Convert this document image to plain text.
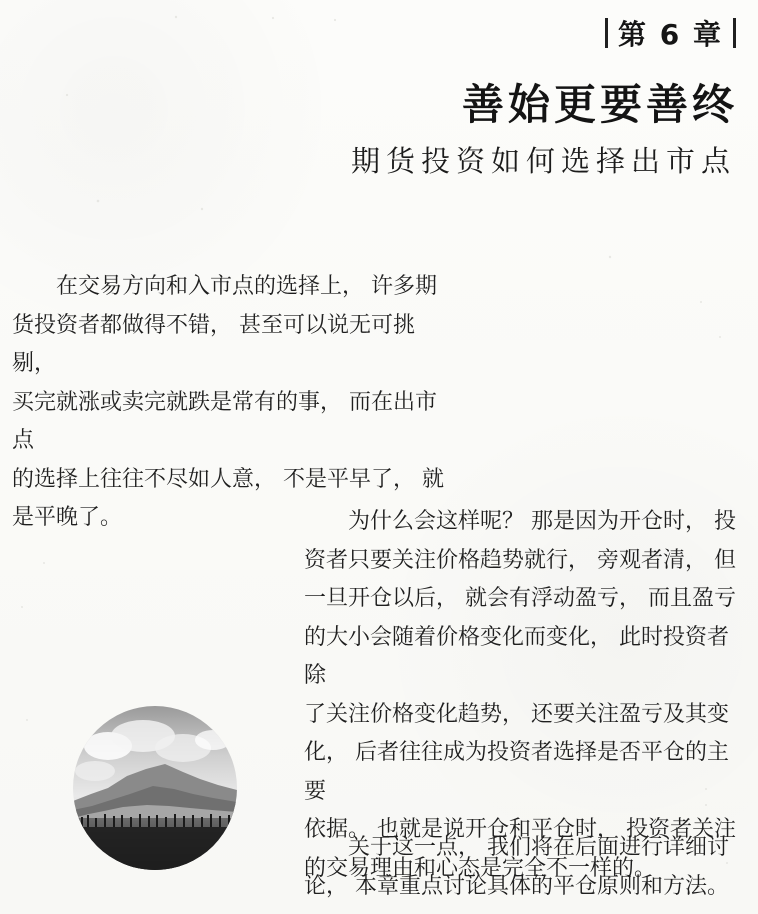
第 6 章
善始更要善终
期货投资如何选择出市点

　　在交易方向和入市点的选择上， 许多期
货投资者都做得不错， 甚至可以说无可挑剔，
买完就涨或卖完就跌是常有的事， 而在出市点
的选择上往往不尽如人意， 不是平早了， 就
是平晚了。	　　为什么会这样呢？ 那是因为开仓时， 投
资者只要关注价格趋势就行， 旁观者清， 但
一旦开仓以后， 就会有浮动盈亏， 而且盈亏
的大小会随着价格变化而变化， 此时投资者除
了关注价格变化趋势， 还要关注盈亏及其变
化， 后者往往成为投资者选择是否平仓的主要
依据。 也就是说开仓和平仓时， 投资者关注
的交易理由和心态是完全不一样的。

　　关于这一点， 我们将在后面进行详细讨
论， 本章重点讨论具体的平仓原则和方法。
